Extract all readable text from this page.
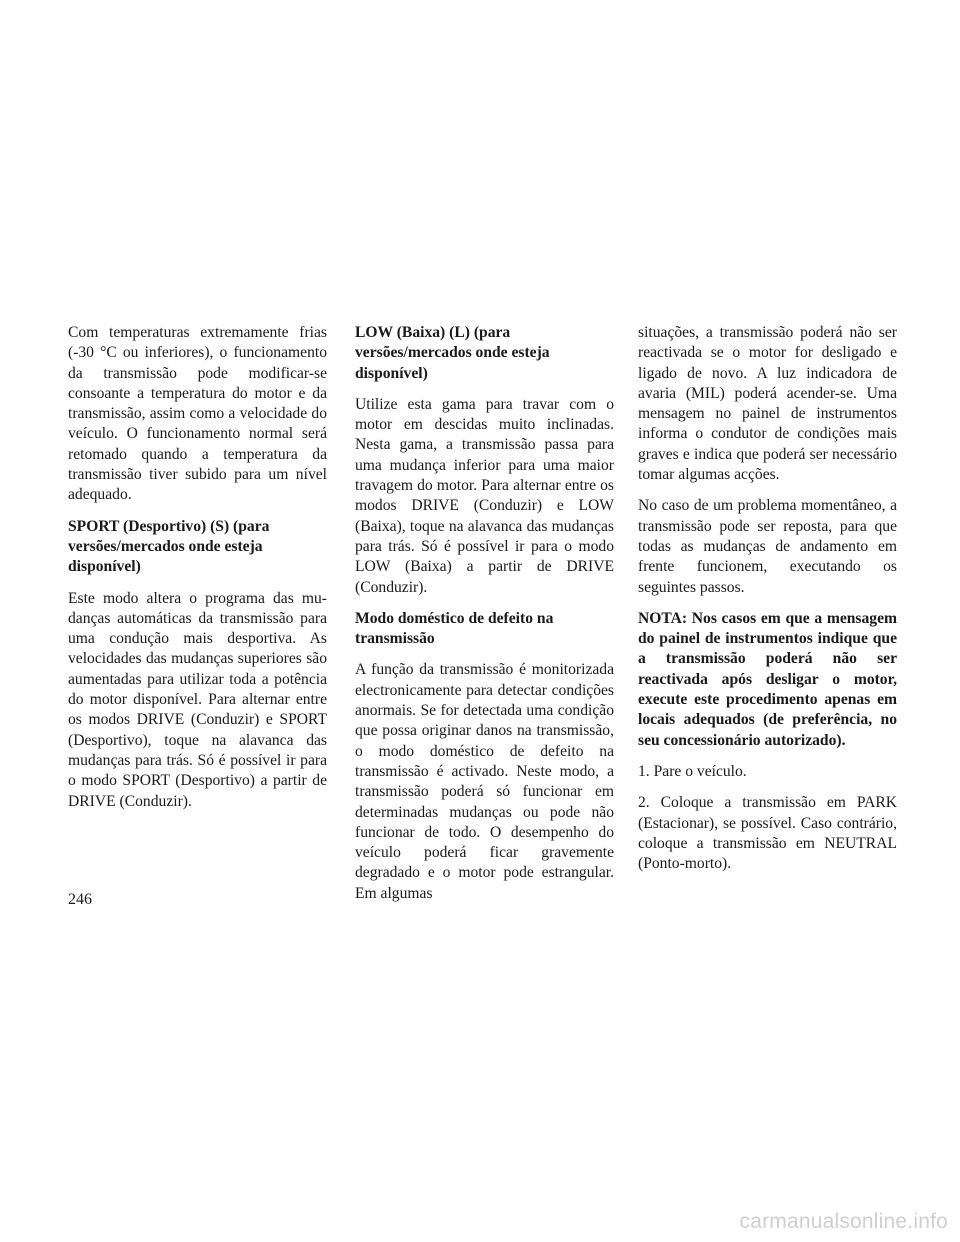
Com temperaturas extremamente frias (-30 °C ou inferiores), o funcionamento da transmissão pode modificar-se consoante a temperatura do motor e da transmissão, assim como a velocidade do veículo. O funcionamento normal será retomado quando a temperatura da transmissão tiver subido para um nível adequado.

SPORT (Desportivo) (S) (para versões/mercados onde esteja disponível)

Este modo altera o programa das mudanças automáticas da transmissão para uma condução mais desportiva. As velocidades das mudanças superiores são aumentadas para utilizar toda a potência do motor disponível. Para alternar entre os modos DRIVE (Conduzir) e SPORT (Desportivo), toque na alavanca das mudanças para trás. Só é possível ir para o modo SPORT (Desportivo) a partir de DRIVE (Conduzir).

LOW (Baixa) (L) (para versões/mercados onde esteja disponível)

Utilize esta gama para travar com o motor em descidas muito inclinadas. Nesta gama, a transmissão passa para uma mudança inferior para uma maior travagem do motor. Para alternar entre os modos DRIVE (Conduzir) e LOW (Baixa), toque na alavanca das mudanças para trás. Só é possível ir para o modo LOW (Baixa) a partir de DRIVE (Conduzir).

Modo doméstico de defeito na transmissão

A função da transmissão é monitorizada electronicamente para detectar condições anormais. Se for detectada uma condição que possa originar danos na transmissão, o modo doméstico de defeito na transmissão é activado. Neste modo, a transmissão poderá só funcionar em determinadas mudanças ou pode não funcionar de todo. O desempenho do veículo poderá ficar gravemente degradado e o motor pode estrangular. Em algumas

situações, a transmissão poderá não ser reactivada se o motor for desligado e ligado de novo. A luz indicadora de avaria (MIL) poderá acender-se. Uma mensagem no painel de instrumentos informa o condutor de condições mais graves e indica que poderá ser necessário tomar algumas acções.

No caso de um problema momentâneo, a transmissão pode ser reposta, para que todas as mudanças de andamento em frente funcionem, executando os seguintes passos.

NOTA: Nos casos em que a mensagem do painel de instrumentos indique que a transmissão poderá não ser reactivada após desligar o motor, execute este procedimento apenas em locais adequados (de preferência, no seu concessionário autorizado).

1. Pare o veículo.

2. Coloque a transmissão em PARK (Estacionar), se possível. Caso contrário, coloque a transmissão em NEUTRAL (Ponto-morto).

246
carmanualsonline.info
